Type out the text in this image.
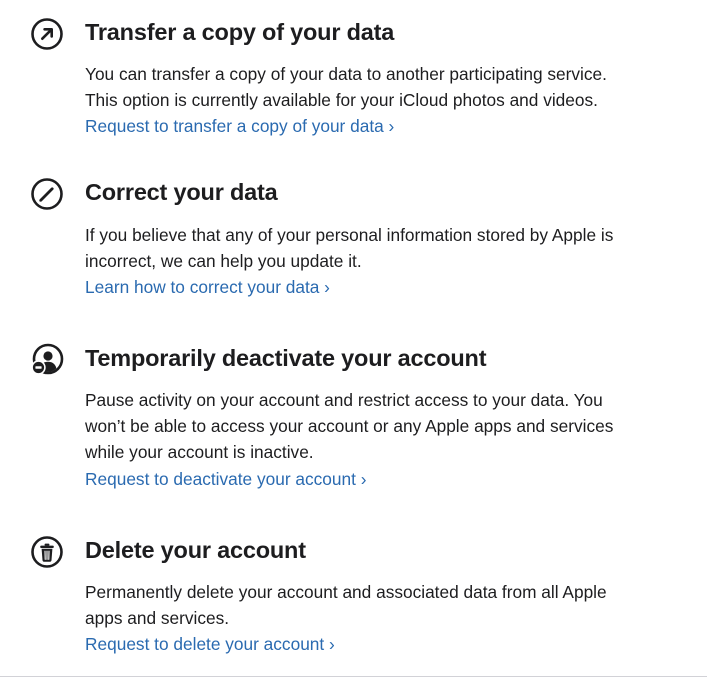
Transfer a copy of your data

You can transfer a copy of your data to another participating service.
This option is currently available for your iCloud photos and videos.

Request to transfer a copy of your data ›
Correct your data

If you believe that any of your personal information stored by Apple is
incorrect, we can help you update it.

Learn how to correct your data ›
Temporarily deactivate your account

Pause activity on your account and restrict access to your data. You
won’t be able to access your account or any Apple apps and services
while your account is inactive.

Request to deactivate your account ›
Delete your account

Permanently delete your account and associated data from all Apple
apps and services.

Request to delete your account ›
